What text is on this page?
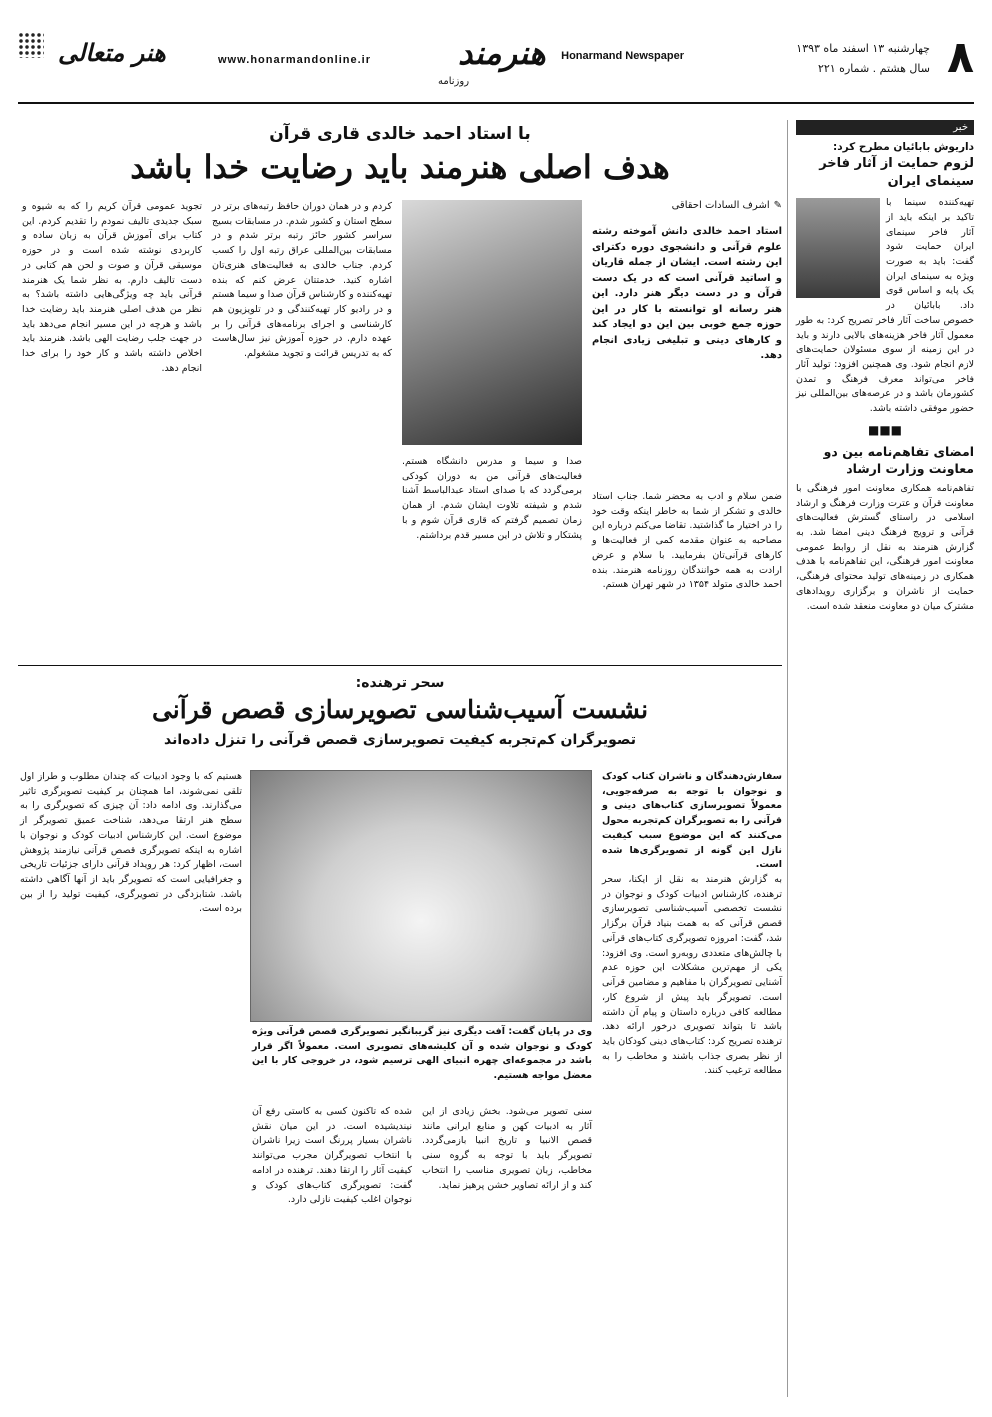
۸
چهارشنبه ۱۳ اسفند ماه ۱۳۹۳
سال هشتم . شماره ۲۲۱
Honarmand Newspaper
هنرمند
روزنامه
www.honarmandonline.ir
هنر متعالی
خبر
داریوش بابائیان مطرح کرد:
لزوم حمایت از آثار فاخر سینمای ایران
تهیه‌کننده سینما با تاکید بر اینکه باید از آثار فاخر سینمای ایران حمایت شود گفت: باید به صورت ویژه به سینمای ایران یک پایه و اساس قوی داد. بابائیان در خصوص ساخت آثار فاخر تصریح کرد: به طور معمول آثار فاخر هزینه‌های بالایی دارند و باید در این زمینه از سوی مسئولان حمایت‌های لازم انجام شود. وی همچنین افزود: تولید آثار فاخر می‌تواند معرف فرهنگ و تمدن کشورمان باشد و در عرصه‌های بین‌المللی نیز حضور موفقی داشته باشد.
■■■
امضای تفاهم‌نامه بین دو معاونت وزارت ارشاد
تفاهم‌نامه همکاری معاونت امور فرهنگی با معاونت قرآن و عترت وزارت فرهنگ و ارشاد اسلامی در راستای گسترش فعالیت‌های قرآنی و ترویج فرهنگ دینی امضا شد. به گزارش هنرمند به نقل از روابط عمومی معاونت امور فرهنگی، این تفاهم‌نامه با هدف همکاری در زمینه‌های تولید محتوای فرهنگی، حمایت از ناشران و برگزاری رویدادهای مشترک میان دو معاونت منعقد شده است.
با استاد احمد خالدی قاری قرآن
هدف اصلی هنرمند باید رضایت خدا باشد
✎ اشرف السادات احقاقی
استاد احمد خالدی دانش آموخته رشته علوم قرآنی و دانشجوی دوره دکترای این رشته است. ایشان از جمله قاریان و اساتید قرآنی است که در یک دست قرآن و در دست دیگر هنر دارد. این هنر رسانه او توانسته با کار در این حوزه جمع خوبی بین این دو ایجاد کند و کارهای دینی و تبلیغی زیادی انجام دهد.
کردم و در همان دوران حافظ رتبه‌های برتر در سطح استان و کشور شدم. در مسابقات بسیج سراسر کشور حائز رتبه برتر شدم و در مسابقات بین‌المللی عراق رتبه اول را کسب کردم. جناب خالدی به فعالیت‌های هنری‌تان اشاره کنید. خدمتتان عرض کنم که بنده تهیه‌کننده و کارشناس قرآن صدا و سیما هستم و در رادیو کار تهیه‌کنندگی و در تلویزیون هم کارشناسی و اجرای برنامه‌های قرآنی را بر عهده دارم. در حوزه آموزش نیز سال‌هاست که به تدریس قرائت و تجوید مشغولم.
تجوید عمومی قرآن کریم را که به شیوه و سبک جدیدی تالیف نمودم را تقدیم کردم. این کتاب برای آموزش قرآن به زبان ساده و کاربردی نوشته شده است و در حوزه موسیقی قرآن و صوت و لحن هم کتابی در دست تالیف دارم. به نظر شما یک هنرمند قرآنی باید چه ویژگی‌هایی داشته باشد؟ به نظر من هدف اصلی هنرمند باید رضایت خدا باشد و هرچه در این مسیر انجام می‌دهد باید در جهت جلب رضایت الهی باشد. هنرمند باید اخلاص داشته باشد و کار خود را برای خدا انجام دهد.
صدا و سیما و مدرس دانشگاه هستم. فعالیت‌های قرآنی من به دوران کودکی برمی‌گردد که با صدای استاد عبدالباسط آشنا شدم و شیفته تلاوت ایشان شدم. از همان زمان تصمیم گرفتم که قاری قرآن شوم و با پشتکار و تلاش در این مسیر قدم برداشتم.
ضمن سلام و ادب به محضر شما. جناب استاد خالدی و تشکر از شما به خاطر اینکه وقت خود را در اختیار ما گذاشتید. تقاضا می‌کنم درباره این مصاحبه به عنوان مقدمه کمی از فعالیت‌ها و کارهای قرآنی‌تان بفرمایید. با سلام و عرض ارادت به همه خوانندگان روزنامه هنرمند. بنده احمد خالدی متولد ۱۳۵۴ در شهر تهران هستم.
سحر ترهنده:
نشست آسیب‌شناسی تصویرسازی قصص قرآنی
تصویرگران کم‌تجربه کیفیت تصویرسازی قصص قرآنی را تنزل داده‌اند
سفارش‌دهندگان و ناشران کتاب کودک و نوجوان با توجه به صرفه‌جویی، معمولاً تصویرسازی کتاب‌های دینی و قرآنی را به تصویرگران کم‌تجربه محول می‌کنند که این موضوع سبب کیفیت نازل این گونه از تصویرگری‌ها شده است.
به گزارش هنرمند به نقل از ایکنا، سحر ترهنده، کارشناس ادبیات کودک و نوجوان در نشست تخصصی آسیب‌شناسی تصویرسازی قصص قرآنی که به همت بنیاد قرآن برگزار شد، گفت: امروزه تصویرگری کتاب‌های قرآنی با چالش‌های متعددی روبه‌رو است. وی افزود: یکی از مهم‌ترین مشکلات این حوزه عدم آشنایی تصویرگران با مفاهیم و مضامین قرآنی است. تصویرگر باید پیش از شروع کار، مطالعه کافی درباره داستان و پیام آن داشته باشد تا بتواند تصویری درخور ارائه دهد. ترهنده تصریح کرد: کتاب‌های دینی کودکان باید از نظر بصری جذاب باشند و مخاطب را به مطالعه ترغیب کنند.
وی در پایان گفت: آفت دیگری نیز گریبانگیر تصویرگری قصص قرآنی ویژه کودک و نوجوان شده و آن کلیشه‌های تصویری است. معمولاً اگر قرار باشد در مجموعه‌ای چهره انبیای الهی ترسیم شود، در خروجی کار با این معضل مواجه هستیم.
سنی تصویر می‌شود. بخش زیادی از این آثار به ادبیات کهن و منابع ایرانی مانند قصص الانبیا و تاریخ انبیا بازمی‌گردد. تصویرگر باید با توجه به گروه سنی مخاطب، زبان تصویری مناسب را انتخاب کند و از ارائه تصاویر خشن پرهیز نماید.
شده که تاکنون کسی به کاستی رفع آن نیندیشیده است. در این میان نقش ناشران بسیار پررنگ است زیرا ناشران با انتخاب تصویرگران مجرب می‌توانند کیفیت آثار را ارتقا دهند. ترهنده در ادامه گفت: تصویرگری کتاب‌های کودک و نوجوان اغلب کیفیت نازلی دارد.
هستیم که با وجود ادبیات که چندان مطلوب و طراز اول تلقی نمی‌شوند، اما همچنان بر کیفیت تصویرگری تاثیر می‌گذارند. وی ادامه داد: آن چیزی که تصویرگری را به سطح هنر ارتقا می‌دهد، شناخت عمیق تصویرگر از موضوع است. این کارشناس ادبیات کودک و نوجوان با اشاره به اینکه تصویرگری قصص قرآنی نیازمند پژوهش است، اظهار کرد: هر رویداد قرآنی دارای جزئیات تاریخی و جغرافیایی است که تصویرگر باید از آنها آگاهی داشته باشد. شتابزدگی در تصویرگری، کیفیت تولید را از بین برده است.
